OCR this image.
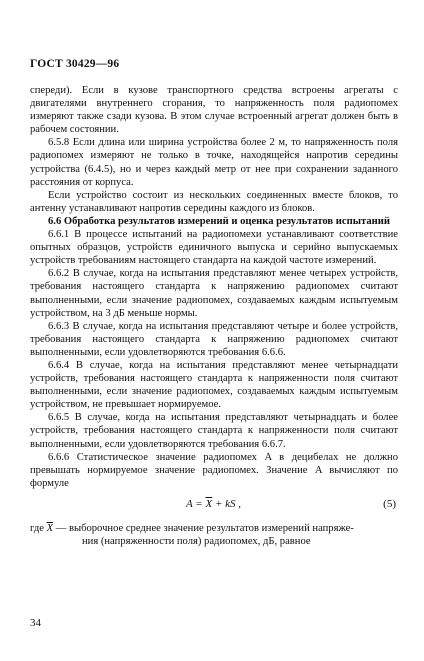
ГОСТ 30429—96

спереди). Если в кузове транспортного средства встроены агрегаты с двигателями внутреннего сгорания, то напряженность поля радиопомех измеряют также сзади кузова. В этом случае встроенный агрегат должен быть в рабочем состоянии.

6.5.8 Если длина или ширина устройства более 2 м, то напряженность поля радиопомех измеряют не только в точке, находящейся напротив середины устройства (6.4.5), но и через каждый метр от нее при сохранении заданного расстояния от корпуса.

Если устройство состоит из нескольких соединенных вместе блоков, то антенну устанавливают напротив середины каждого из блоков.

6.6 Обработка результатов измерений и оценка результатов испытаний

6.6.1 В процессе испытаний на радиопомехи устанавливают соответствие опытных образцов, устройств единичного выпуска и серийно выпускаемых устройств требованиям настоящего стандарта на каждой частоте измерений.

6.6.2 В случае, когда на испытания представляют менее четырех устройств, требования настоящего стандарта к напряжению радиопомех считают выполненными, если значение радиопомех, создаваемых каждым испытуемым устройством, на 3 дБ меньше нормы.

6.6.3 В случае, когда на испытания представляют четыре и более устройств, требования настоящего стандарта к напряжению радиопомех считают выполненными, если удовлетворяются требования 6.6.6.

6.6.4 В случае, когда на испытания представляют менее четырнадцати устройств, требования настоящего стандарта к напряженности поля считают выполненными, если значение радиопомех, создаваемых каждым испытуемым устройством, не превышает нормируемое.

6.6.5 В случае, когда на испытания представляют четырнадцать и более устройств, требования настоящего стандарта к напряженности поля считают выполненными, если удовлетворяются требования 6.6.7.

6.6.6 Статистическое значение радиопомех A в децибелах не должно превышать нормируемое значение радиопомех. Значение A вычисляют по формуле

$A = \overline{X}$ + kS ,	(5)

где $\overline{X}$ — выборочное среднее значение результатов измерений напряже-

ния (напряженности поля) радиопомех, дБ, равное

34
